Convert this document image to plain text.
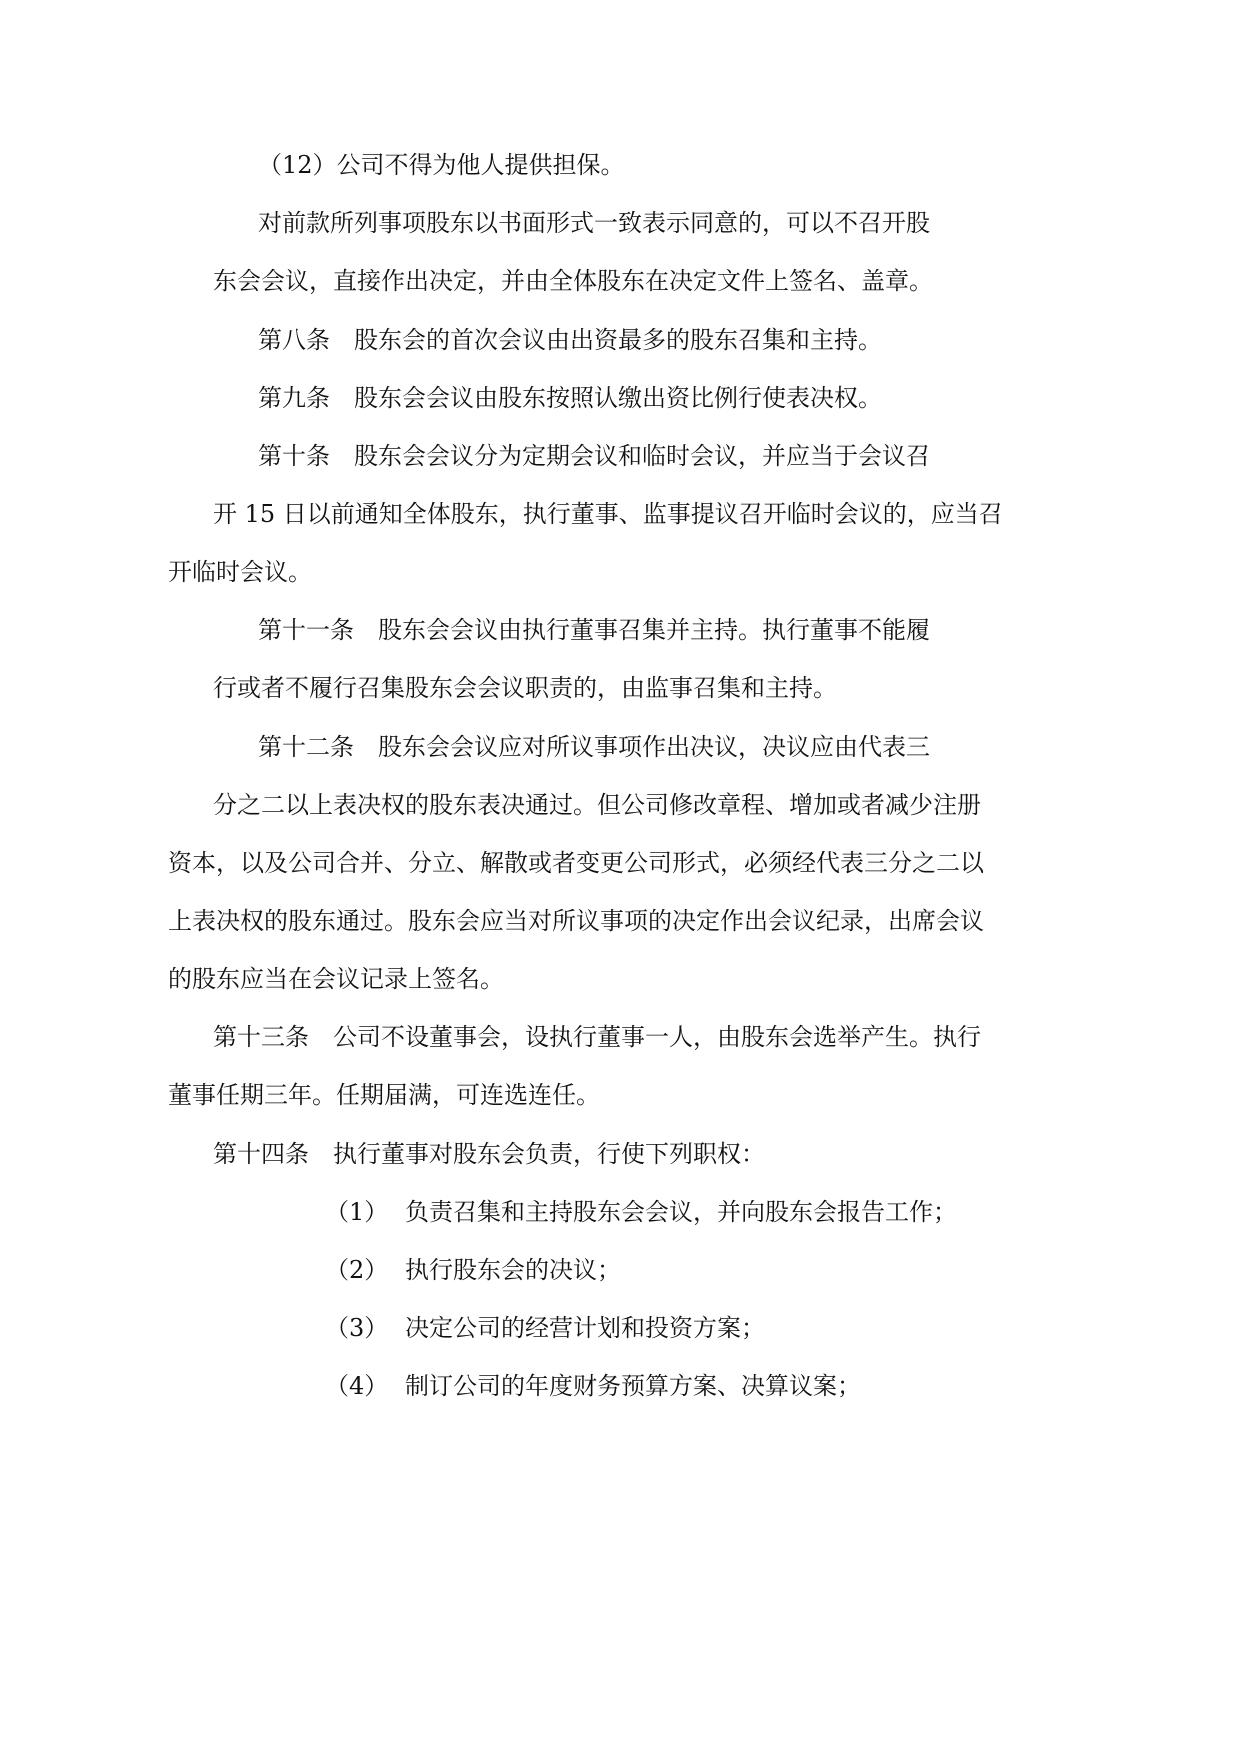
（12）公司不得为他人提供担保。

对前款所列事项股东以书面形式一致表示同意的，可以不召开股

东会会议，直接作出决定，并由全体股东在决定文件上签名、盖章。

第八条　股东会的首次会议由出资最多的股东召集和主持。

第九条　股东会会议由股东按照认缴出资比例行使表决权。

第十条　股东会会议分为定期会议和临时会议，并应当于会议召

开 15 日以前通知全体股东，执行董事、监事提议召开临时会议的，应当召

开临时会议。

第十一条　股东会会议由执行董事召集并主持。执行董事不能履

行或者不履行召集股东会会议职责的，由监事召集和主持。

第十二条　股东会会议应对所议事项作出决议，决议应由代表三

分之二以上表决权的股东表决通过。但公司修改章程、增加或者减少注册

资本，以及公司合并、分立、解散或者变更公司形式，必须经代表三分之二以

上表决权的股东通过。股东会应当对所议事项的决定作出会议纪录，出席会议

的股东应当在会议记录上签名。

第十三条　公司不设董事会，设执行董事一人，由股东会选举产生。执行

董事任期三年。任期届满，可连选连任。

第十四条　执行董事对股东会负责，行使下列职权：

（1） 负责召集和主持股东会会议，并向股东会报告工作；
（2） 执行股东会的决议；
（3） 决定公司的经营计划和投资方案；
（4） 制订公司的年度财务预算方案、决算议案；
